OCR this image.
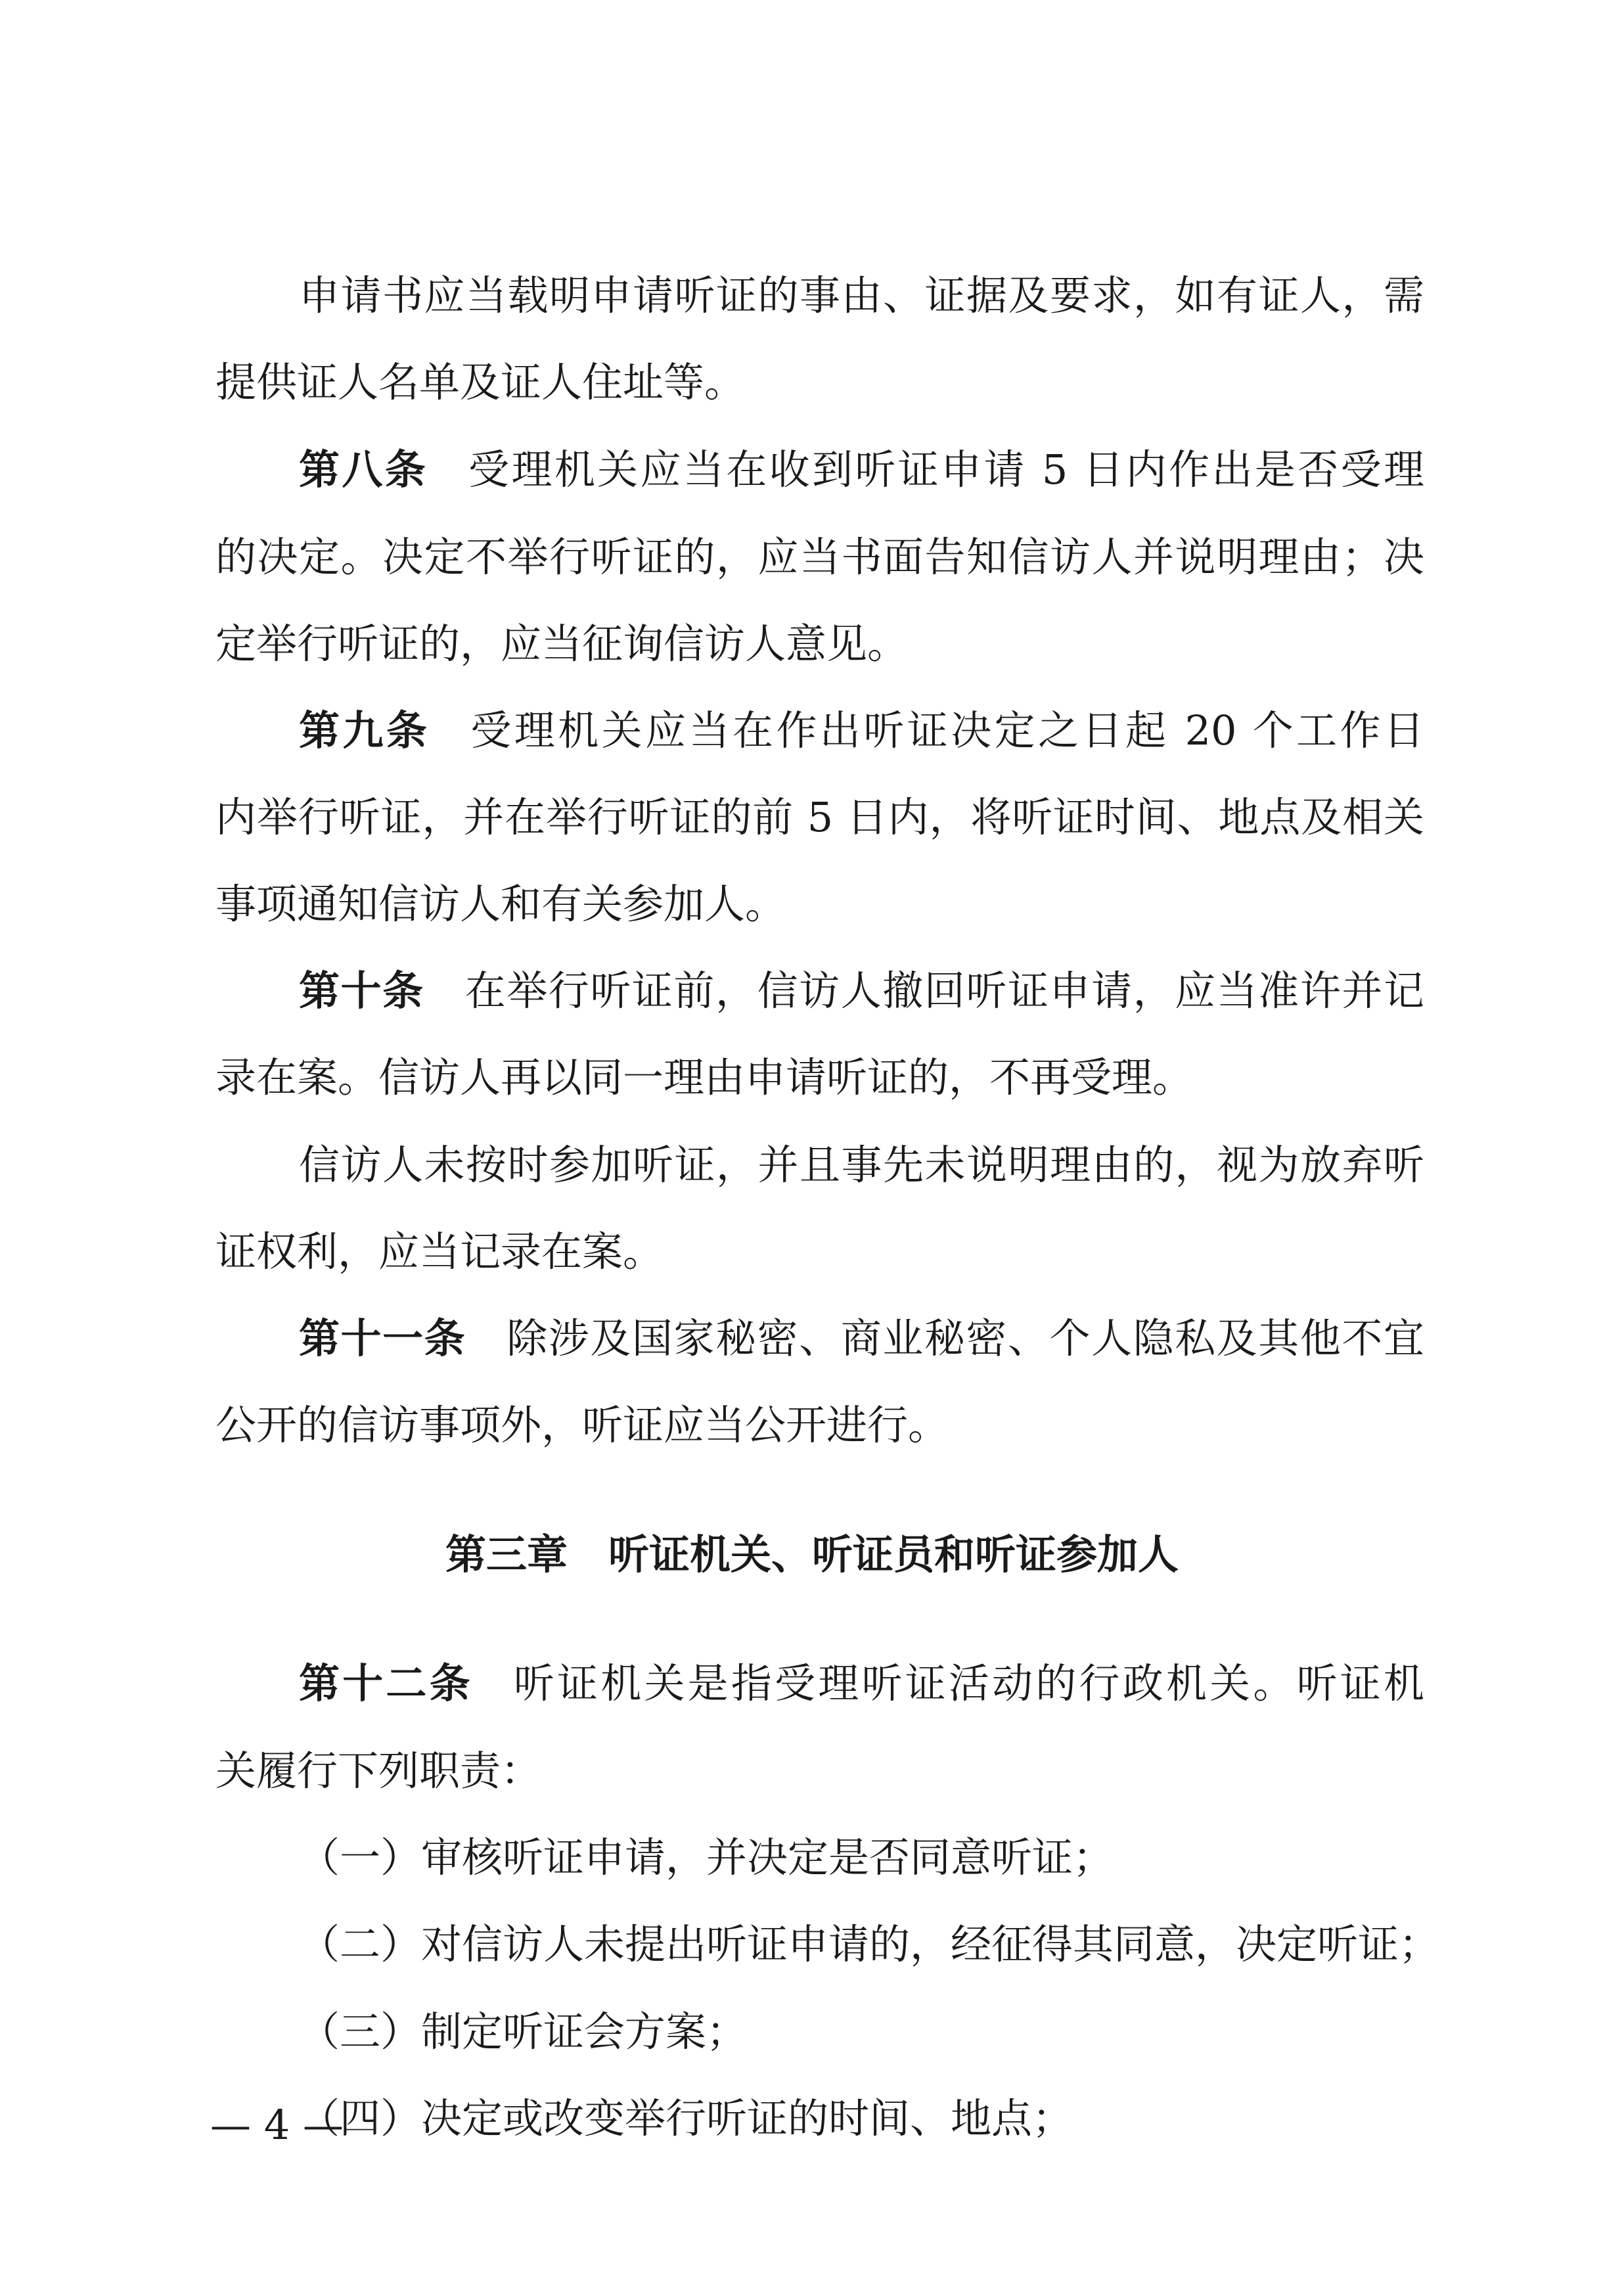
申请书应当载明申请听证的事由、证据及要求，如有证人，需
提供证人名单及证人住址等。
第八条 受理机关应当在收到听证申请 5 日内作出是否受理
的决定。决定不举行听证的，应当书面告知信访人并说明理由；决
定举行听证的，应当征询信访人意见。
第九条 受理机关应当在作出听证决定之日起 20 个工作日
内举行听证，并在举行听证的前 5 日内，将听证时间、地点及相关
事项通知信访人和有关参加人。
第十条 在举行听证前，信访人撤回听证申请，应当准许并记
录在案。信访人再以同一理由申请听证的，不再受理。
信访人未按时参加听证，并且事先未说明理由的，视为放弃听
证权利，应当记录在案。
第十一条 除涉及国家秘密、商业秘密、个人隐私及其他不宜
公开的信访事项外，听证应当公开进行。
第三章　听证机关、听证员和听证参加人
第十二条 听证机关是指受理听证活动的行政机关。听证机
关履行下列职责：
（一）审核听证申请，并决定是否同意听证；
（二）对信访人未提出听证申请的，经征得其同意，决定听证；
（三）制定听证会方案；
（四）决定或改变举行听证的时间、地点；
— 4 —
